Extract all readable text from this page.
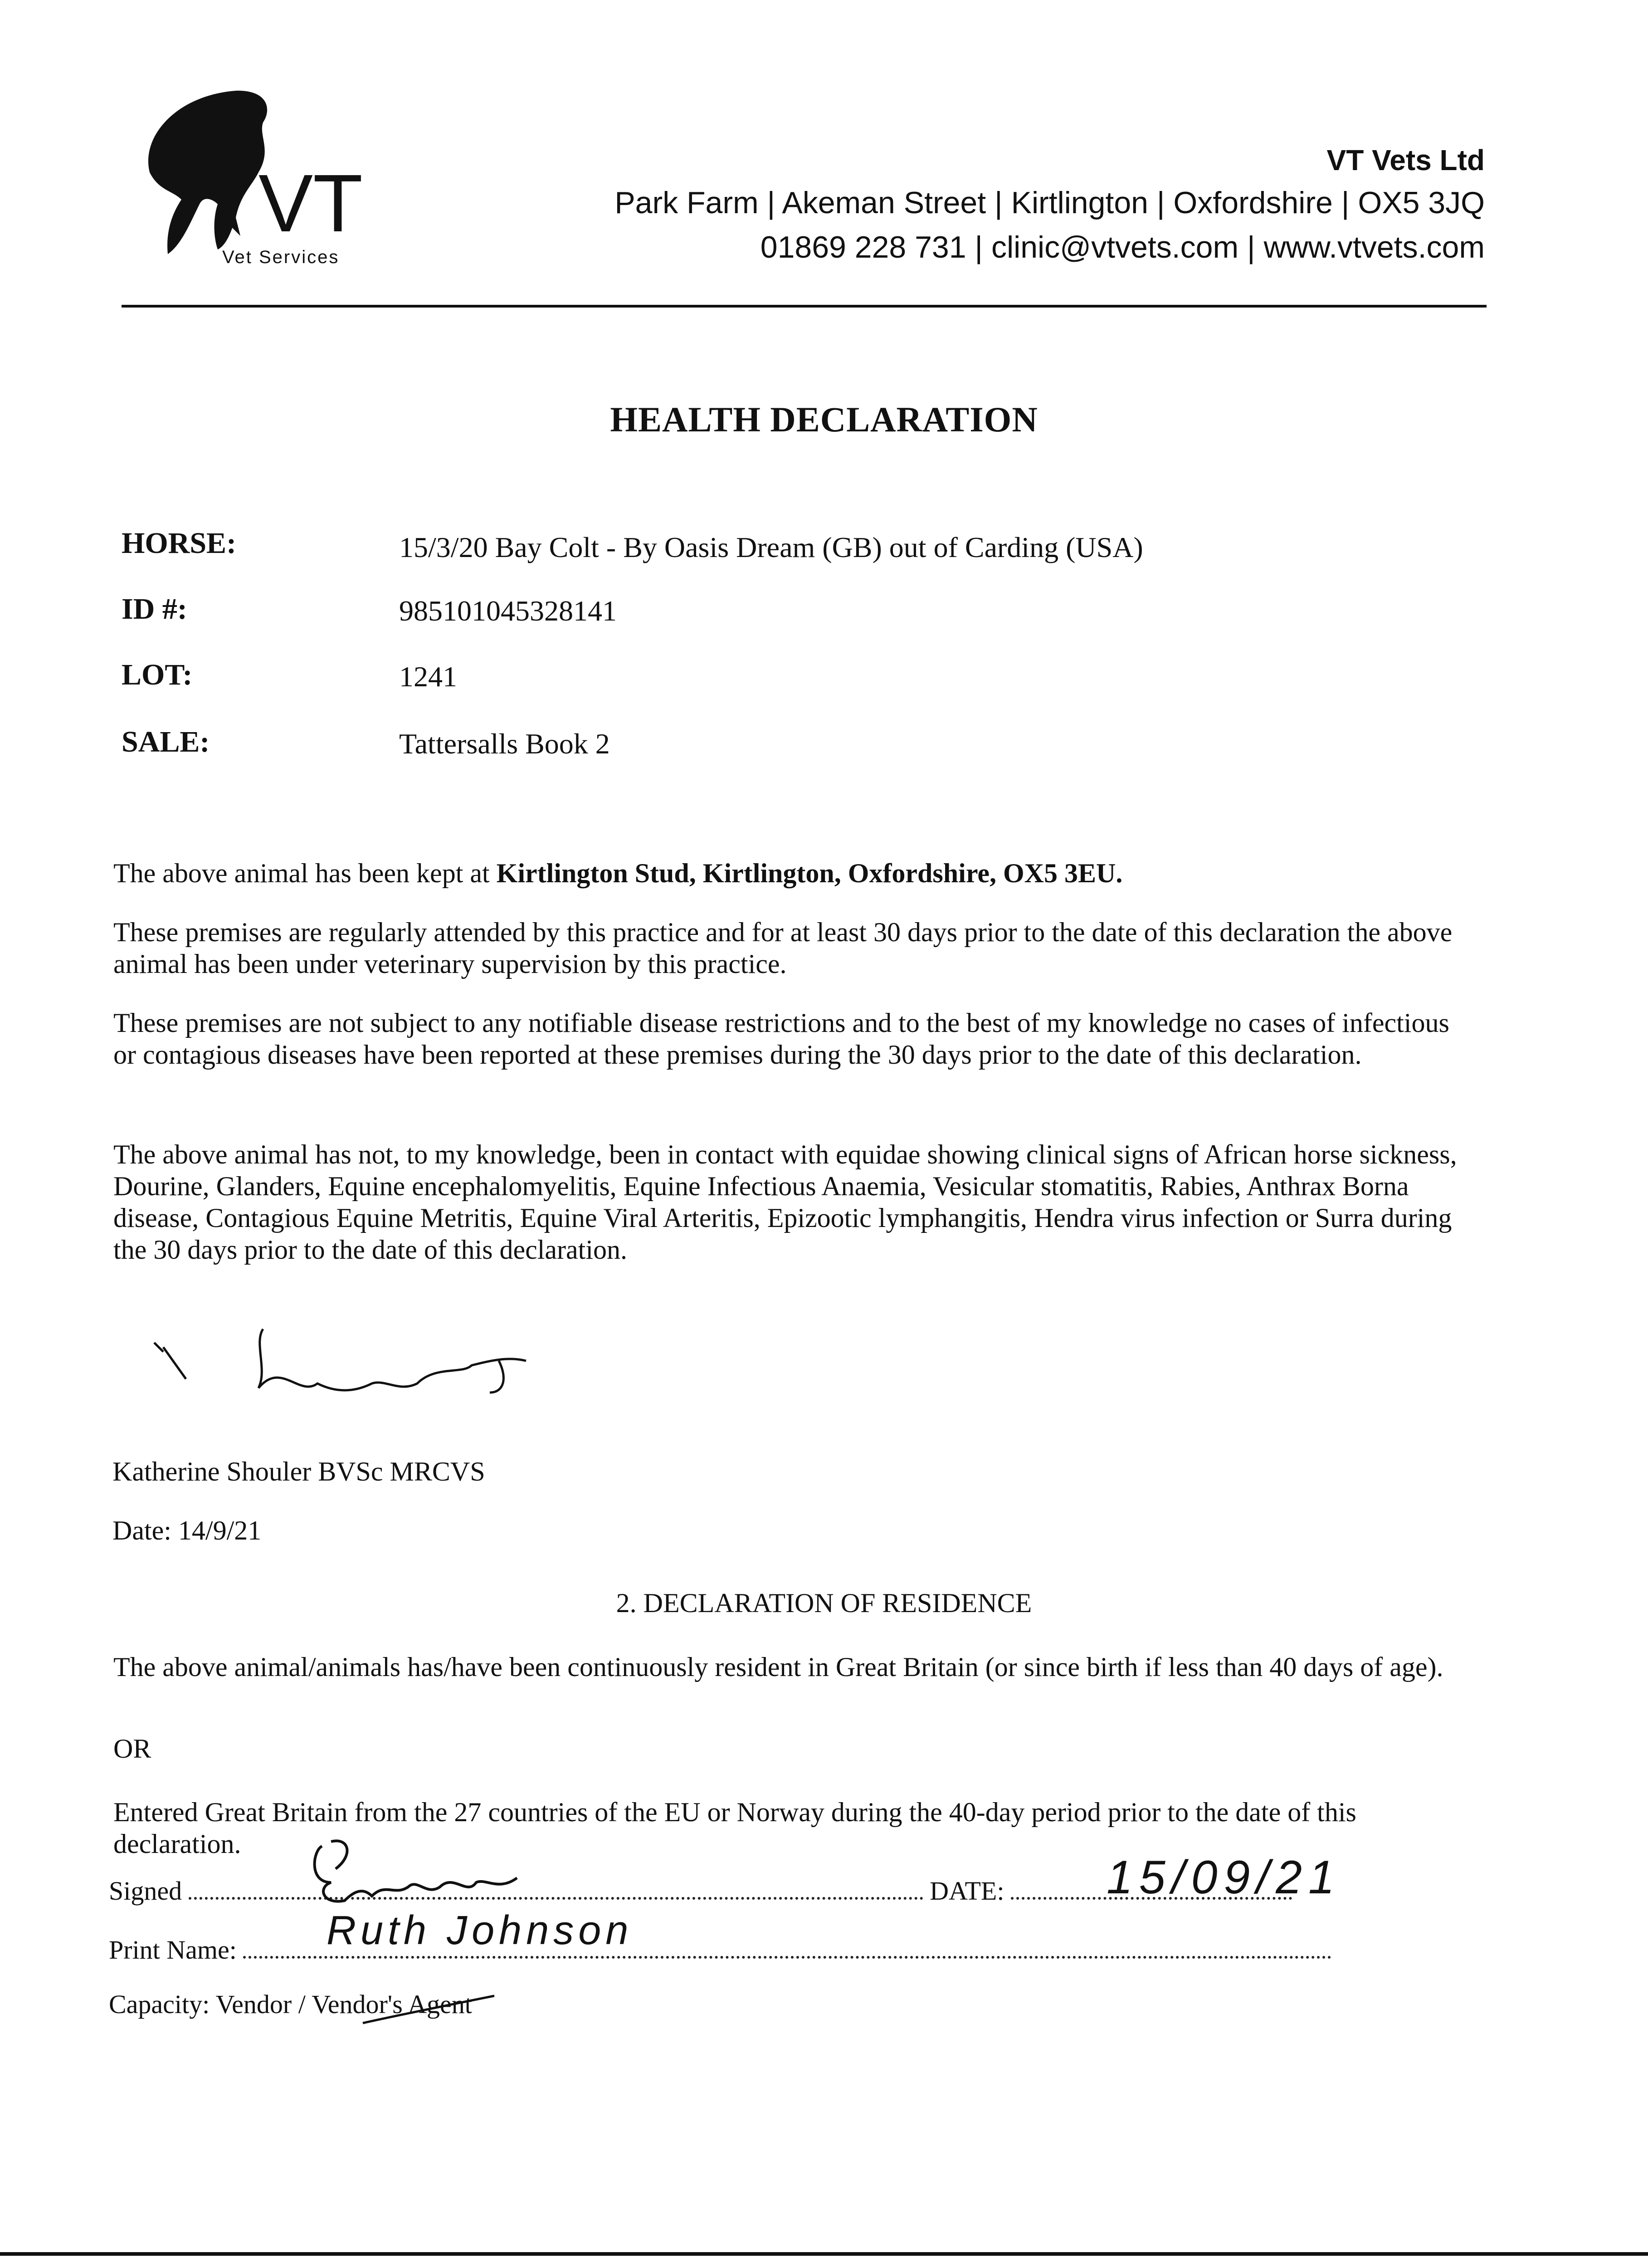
VT
Vet Services
VT Vets Ltd
Park Farm | Akeman Street | Kirtlington | Oxfordshire | OX5 3JQ
01869 228 731 | clinic@vtvets.com | www.vtvets.com
HEALTH DECLARATION
HORSE:	15/3/20 Bay Colt - By Oasis Dream (GB) out of Carding (USA)
ID #:	985101045328141
LOT:	1241
SALE:	Tattersalls Book 2
The above animal has been kept at Kirtlington Stud, Kirtlington, Oxfordshire, OX5 3EU.
These premises are regularly attended by this practice and for at least 30 days prior to the date of this declaration the above animal has been under veterinary supervision by this practice.
These premises are not subject to any notifiable disease restrictions and to the best of my knowledge no cases of infectious or contagious diseases have been reported at these premises during the 30 days prior to the date of this declaration.
The above animal has not, to my knowledge, been in contact with equidae showing clinical signs of African horse sickness, Dourine, Glanders, Equine encephalomyelitis, Equine Infectious Anaemia, Vesicular stomatitis, Rabies, Anthrax Borna disease, Contagious Equine Metritis, Equine Viral Arteritis, Epizootic lymphangitis, Hendra virus infection or Surra during the 30 days prior to the date of this declaration.
Katherine Shouler BVSc MRCVS
Date: 14/9/21
2. DECLARATION OF RESIDENCE
The above animal/animals has/have been continuously resident in Great Britain (or since birth if less than 40 days of age).
OR
Entered Great Britain from the 27 countries of the EU or Norway during the 40-day period prior to the date of this declaration.
Signed	DATE:	15/09/21
Print Name:	Ruth Johnson
Capacity: Vendor / Vendor's Agent
